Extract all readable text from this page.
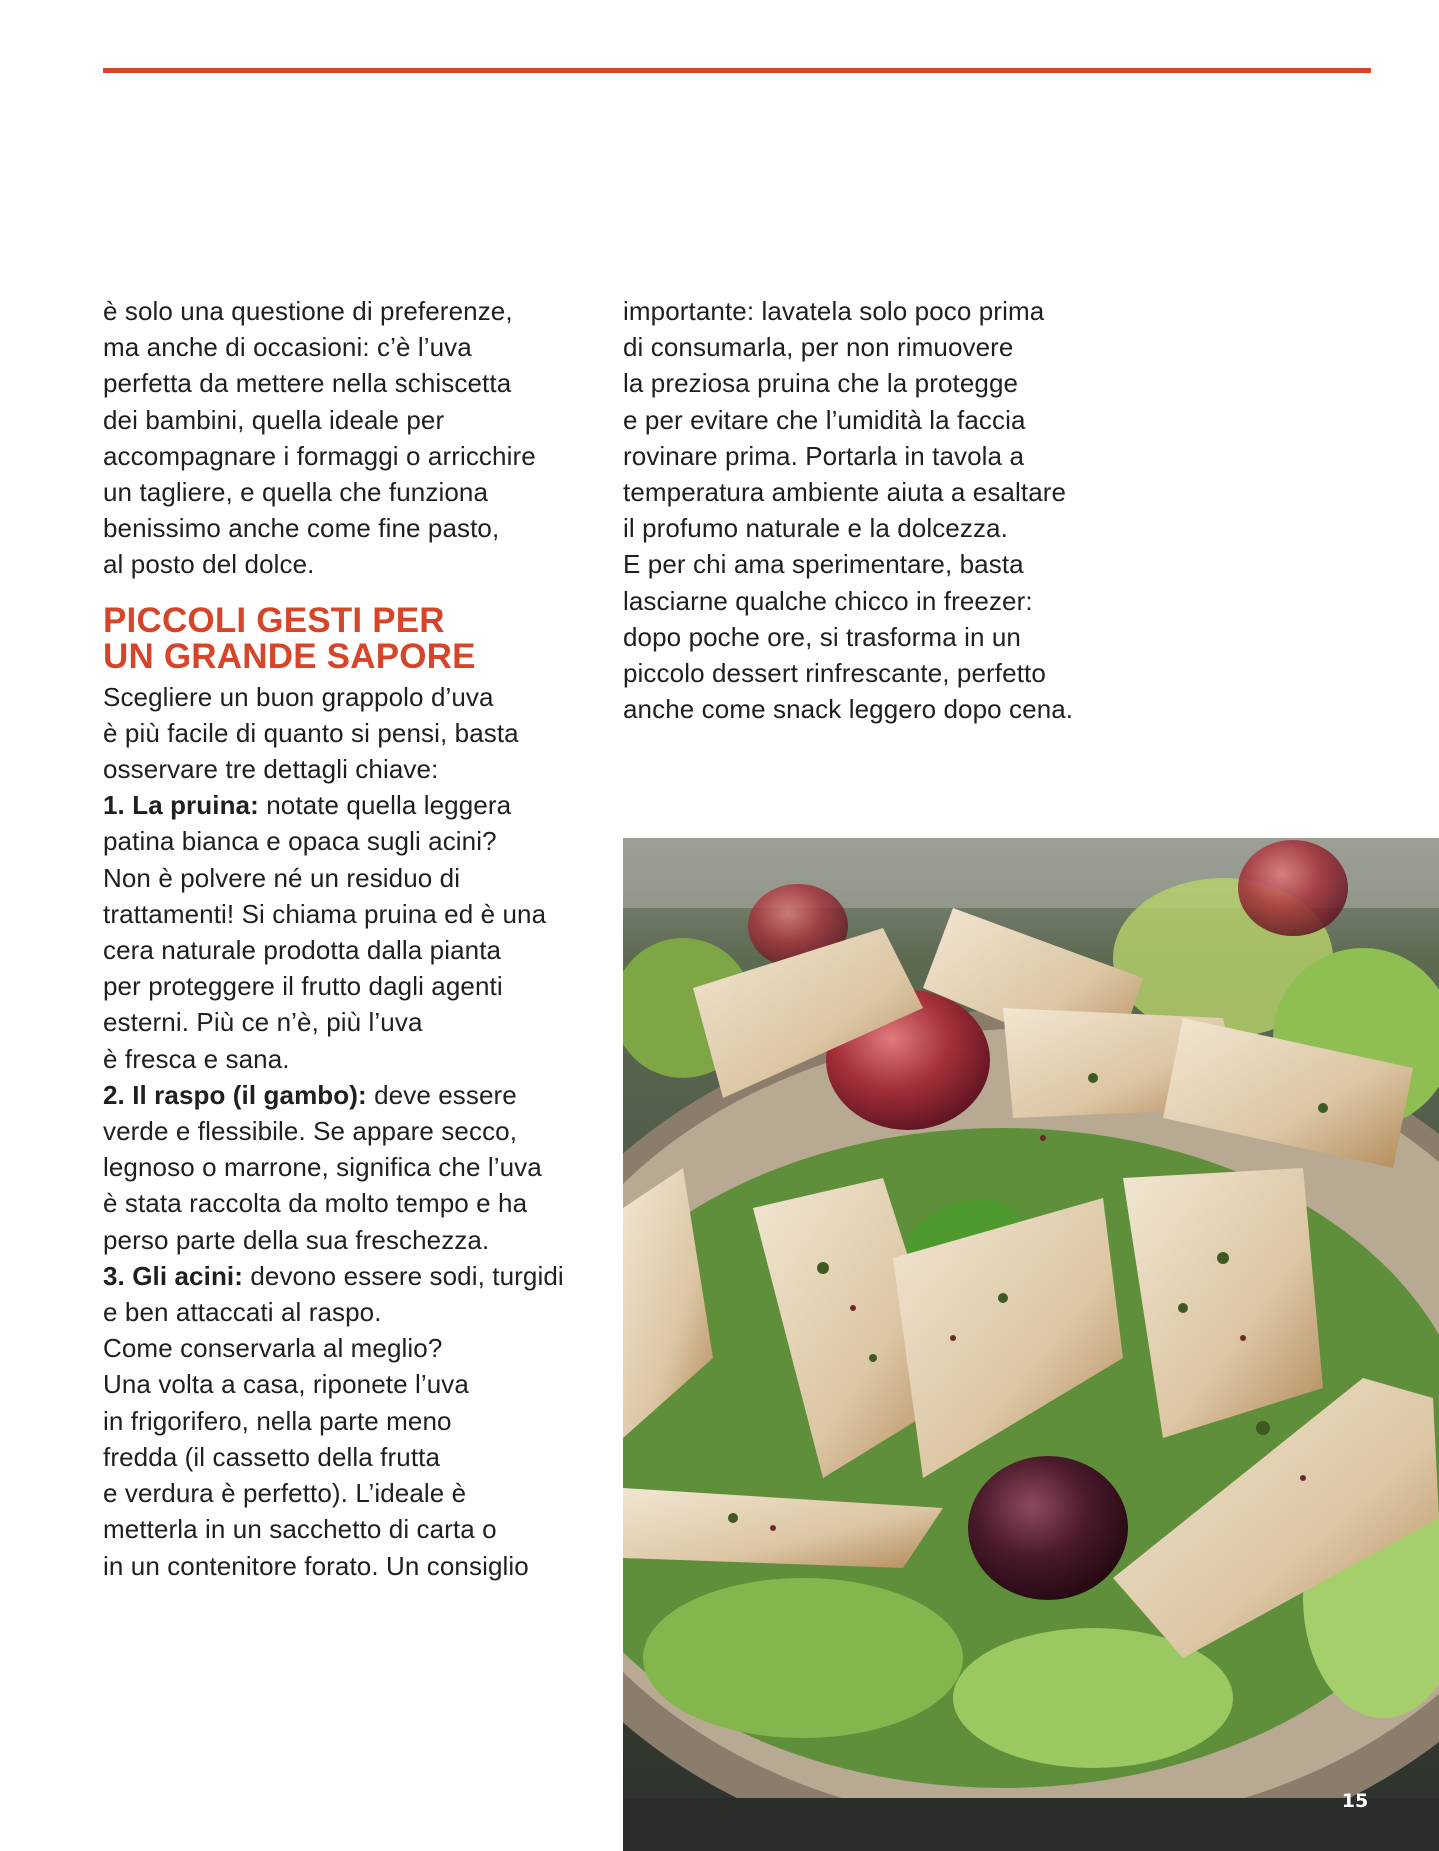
è solo una questione di preferenze,
ma anche di occasioni: c’è l’uva
perfetta da mettere nella schiscetta
dei bambini, quella ideale per
accompagnare i formaggi o arricchire
un tagliere, e quella che funziona
benissimo anche come fine pasto,
al posto del dolce.
PICCOLI GESTI PER
UN GRANDE SAPORE
Scegliere un buon grappolo d’uva
è più facile di quanto si pensi, basta
osservare tre dettagli chiave:
1. La pruina: notate quella leggera
patina bianca e opaca sugli acini?
Non è polvere né un residuo di
trattamenti! Si chiama pruina ed è una
cera naturale prodotta dalla pianta
per proteggere il frutto dagli agenti
esterni. Più ce n’è, più l’uva
è fresca e sana.
2. Il raspo (il gambo): deve essere
verde e flessibile. Se appare secco,
legnoso o marrone, significa che l’uva
è stata raccolta da molto tempo e ha
perso parte della sua freschezza.
3. Gli acini: devono essere sodi, turgidi
e ben attaccati al raspo.
Come conservarla al meglio?
Una volta a casa, riponete l’uva
in frigorifero, nella parte meno
fredda (il cassetto della frutta
e verdura è perfetto). L’ideale è
metterla in un sacchetto di carta o
in un contenitore forato. Un consiglio
importante: lavatela solo poco prima
di consumarla, per non rimuovere
la preziosa pruina che la protegge
e per evitare che l’umidità la faccia
rovinare prima. Portarla in tavola a
temperatura ambiente aiuta a esaltare
il profumo naturale e la dolcezza.
E per chi ama sperimentare, basta
lasciarne qualche chicco in freezer:
dopo poche ore, si trasforma in un
piccolo dessert rinfrescante, perfetto
anche come snack leggero dopo cena.
15
